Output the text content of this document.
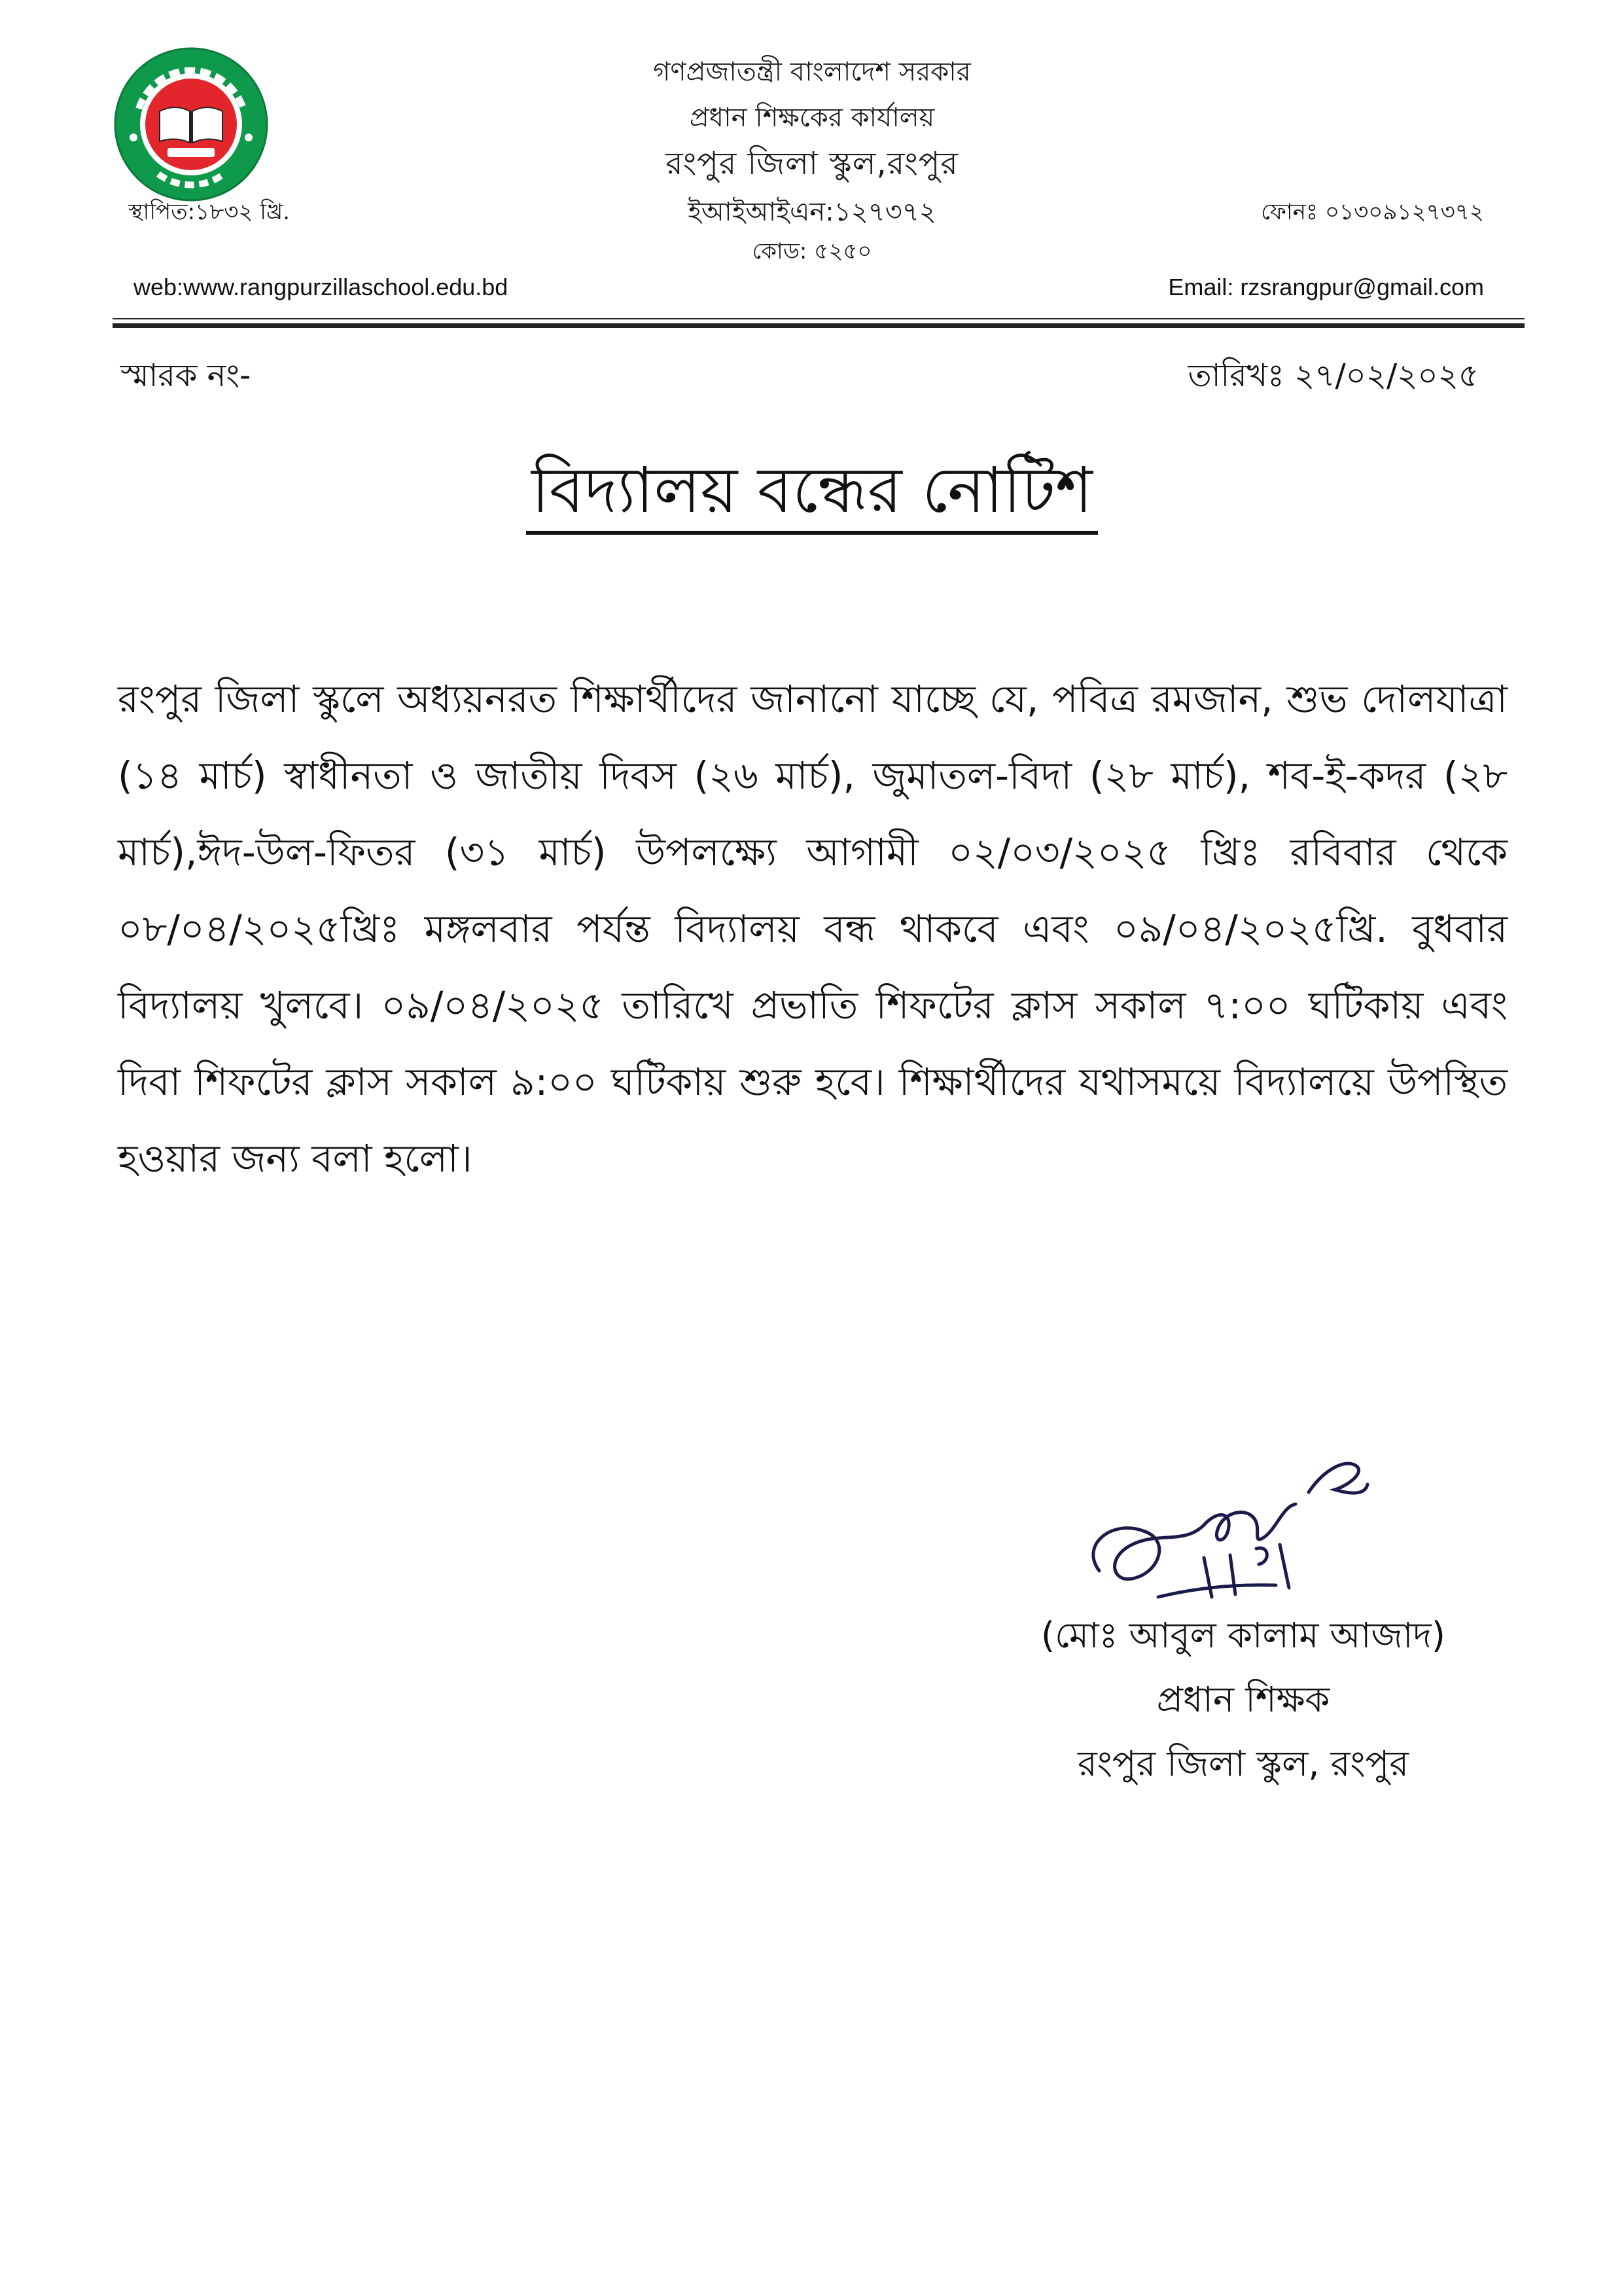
গণপ্রজাতন্ত্রী বাংলাদেশ সরকার
প্রধান শিক্ষকের কার্যালয়
রংপুর জিলা স্কুল,রংপুর
ইআইআইএন:১২৭৩৭২
কোড: ৫২৫০
স্থাপিত:১৮৩২ খ্রি.	ফোনঃ ০১৩০৯১২৭৩৭২
web:www.rangpurzillaschool.edu.bd	Email: rzsrangpur@gmail.com
স্মারক নং-	তারিখঃ ২৭/০২/২০২৫
বিদ্যালয় বন্ধের নোটিশ
রংপুর জিলা স্কুলে অধ্যয়নরত শিক্ষার্থীদের জানানো যাচ্ছে যে, পবিত্র রমজান, শুভ দোলযাত্রা (১৪ মার্চ) স্বাধীনতা ও জাতীয় দিবস (২৬ মার্চ), জুমাতল-বিদা (২৮ মার্চ), শব-ই-কদর (২৮ মার্চ),ঈদ-উল-ফিতর (৩১ মার্চ) উপলক্ষ্যে আগামী ০২/০৩/২০২৫ খ্রিঃ রবিবার থেকে ০৮/০৪/২০২৫খ্রিঃ মঙ্গলবার পর্যন্ত বিদ্যালয় বন্ধ থাকবে এবং ০৯/০৪/২০২৫খ্রি. বুধবার বিদ্যালয় খুলবে। ০৯/০৪/২০২৫ তারিখে প্রভাতি শিফটের ক্লাস সকাল ৭:০০ ঘটিকায় এবং দিবা শিফটের ক্লাস সকাল ৯:০০ ঘটিকায় শুরু হবে। শিক্ষার্থীদের যথাসময়ে বিদ্যালয়ে উপস্থিত হওয়ার জন্য বলা হলো।
(মোঃ আবুল কালাম আজাদ)
প্রধান শিক্ষক
রংপুর জিলা স্কুল, রংপুর
